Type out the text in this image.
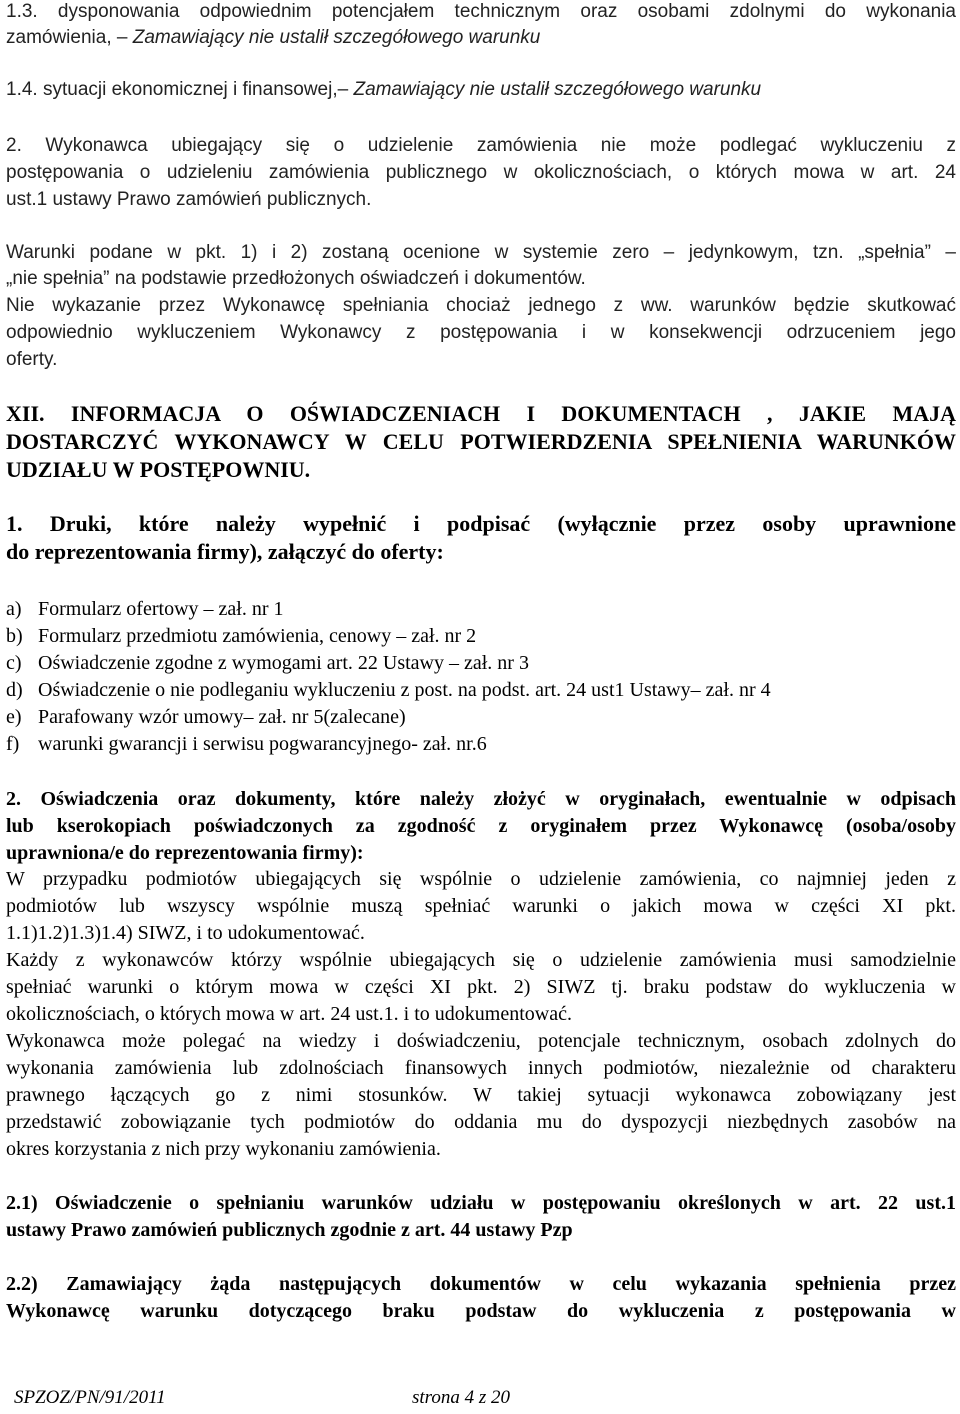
1.3. dysponowania odpowiednim potencjałem technicznym oraz osobami zdolnymi do wykonania
zamówienia, – Zamawiający nie ustalił szczegółowego warunku
1.4. sytuacji ekonomicznej i finansowej,– Zamawiający nie ustalił szczegółowego warunku
2. Wykonawca ubiegający się o udzielenie zamówienia nie może podlegać wykluczeniu z
postępowania o udzieleniu zamówienia publicznego w okolicznościach, o których mowa w art. 24
ust.1 ustawy Prawo zamówień publicznych.
Warunki podane w pkt. 1) i 2) zostaną ocenione w systemie zero – jedynkowym, tzn. „spełnia” –
„nie spełnia” na podstawie przedłożonych oświadczeń i dokumentów.
Nie wykazanie przez Wykonawcę spełniania chociaż jednego z ww. warunków będzie skutkować
odpowiednio wykluczeniem Wykonawcy z postępowania i w konsekwencji odrzuceniem jego
oferty.
XII. INFORMACJA O OŚWIADCZENIACH I DOKUMENTACH , JAKIE MAJĄ
DOSTARCZYĆ WYKONAWCY W CELU POTWIERDZENIA SPEŁNIENIA WARUNKÓW
UDZIAŁU W POSTĘPOWNIU.
1. Druki, które należy wypełnić i podpisać (wyłącznie przez osoby uprawnione
do reprezentowania firmy), załączyć do oferty:
a) Formularz ofertowy – zał. nr 1
b) Formularz przedmiotu zamówienia, cenowy – zał. nr 2
c) Oświadczenie zgodne z wymogami art. 22 Ustawy – zał. nr 3
d) Oświadczenie o nie podleganiu wykluczeniu z post. na podst. art. 24 ust1 Ustawy– zał. nr 4
e) Parafowany wzór umowy– zał. nr 5(zalecane)
f) warunki gwarancji i serwisu pogwarancyjnego- zał. nr.6
2. Oświadczenia oraz dokumenty, które należy złożyć w oryginałach, ewentualnie w odpisach
lub kserokopiach poświadczonych za zgodność z oryginałem przez Wykonawcę (osoba/osoby
uprawniona/e do reprezentowania firmy):
W przypadku podmiotów ubiegających się wspólnie o udzielenie zamówienia, co najmniej jeden z
podmiotów lub wszyscy wspólnie muszą spełniać warunki o jakich mowa w części XI pkt.
1.1)1.2)1.3)1.4) SIWZ, i to udokumentować.
Każdy z wykonawców którzy wspólnie ubiegających się o udzielenie zamówienia musi samodzielnie
spełniać warunki o którym mowa w części XI pkt. 2) SIWZ tj. braku podstaw do wykluczenia w
okolicznościach, o których mowa w art. 24 ust.1. i to udokumentować.
Wykonawca może polegać na wiedzy i doświadczeniu, potencjale technicznym, osobach zdolnych do
wykonania zamówienia lub zdolnościach finansowych innych podmiotów, niezależnie od charakteru
prawnego łączących go z nimi stosunków. W takiej sytuacji wykonawca zobowiązany jest
przedstawić zobowiązanie tych podmiotów do oddania mu do dyspozycji niezbędnych zasobów na
okres korzystania z nich przy wykonaniu zamówienia.
2.1) Oświadczenie o spełnianiu warunków udziału w postępowaniu określonych w art. 22 ust.1
ustawy Prawo zamówień publicznych zgodnie z art. 44 ustawy Pzp
2.2) Zamawiający żąda następujących dokumentów w celu wykazania spełnienia przez
Wykonawcę warunku dotyczącego braku podstaw do wykluczenia z postępowania w
SPZOZ/PN/91/2011	strona 4 z 20
